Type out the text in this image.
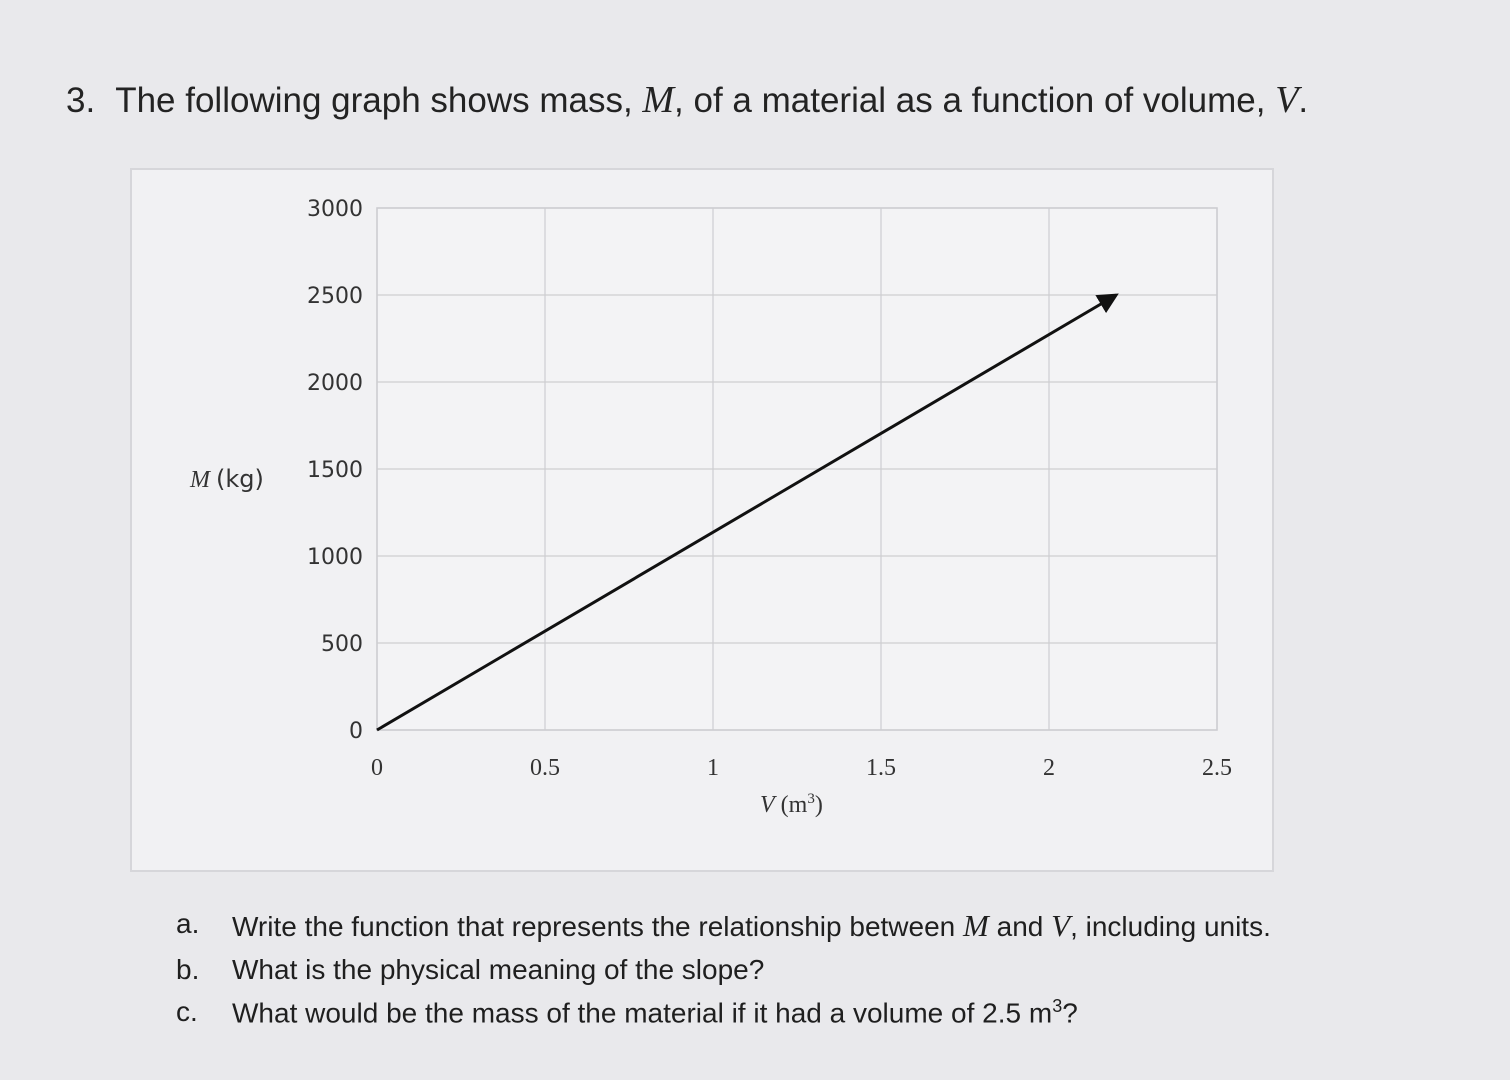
3. The following graph shows mass, M, of a material as a function of volume, V.
0
500
1000
1500
2000
2500
3000
0	0.5	1	1.5	2	2.5
M (kg)
V $(m^3)$
a.	Write the function that represents the relationship between M and V, including units.
b.	What is the physical meaning of the slope?
c.	What would be the mass of the material if it had a volume of 2.5 $m^3$?
